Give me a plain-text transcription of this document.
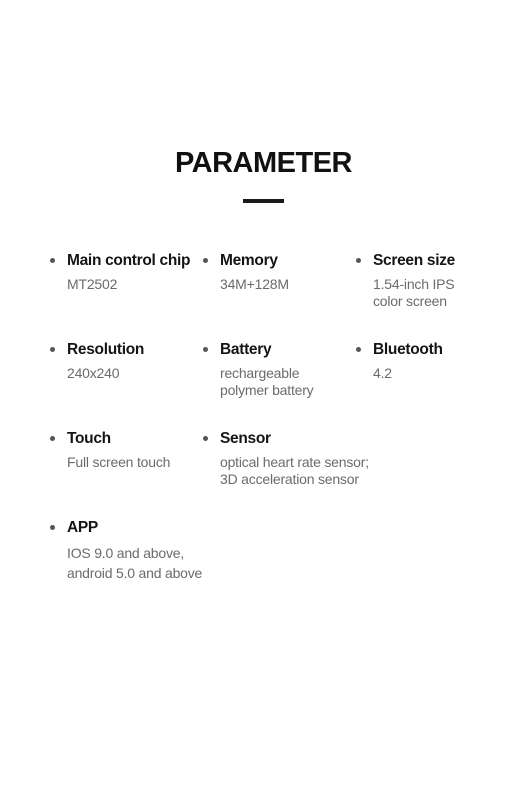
PARAMETER
Main control chip
MT2502
Memory
34M+128M
Screen size
1.54-inch IPS
color screen
Resolution
240x240
Battery
rechargeable
polymer battery
Bluetooth
4.2
Touch
Full screen touch
Sensor
optical heart rate sensor;
3D acceleration sensor
APP
IOS 9.0 and above,
android 5.0 and above
